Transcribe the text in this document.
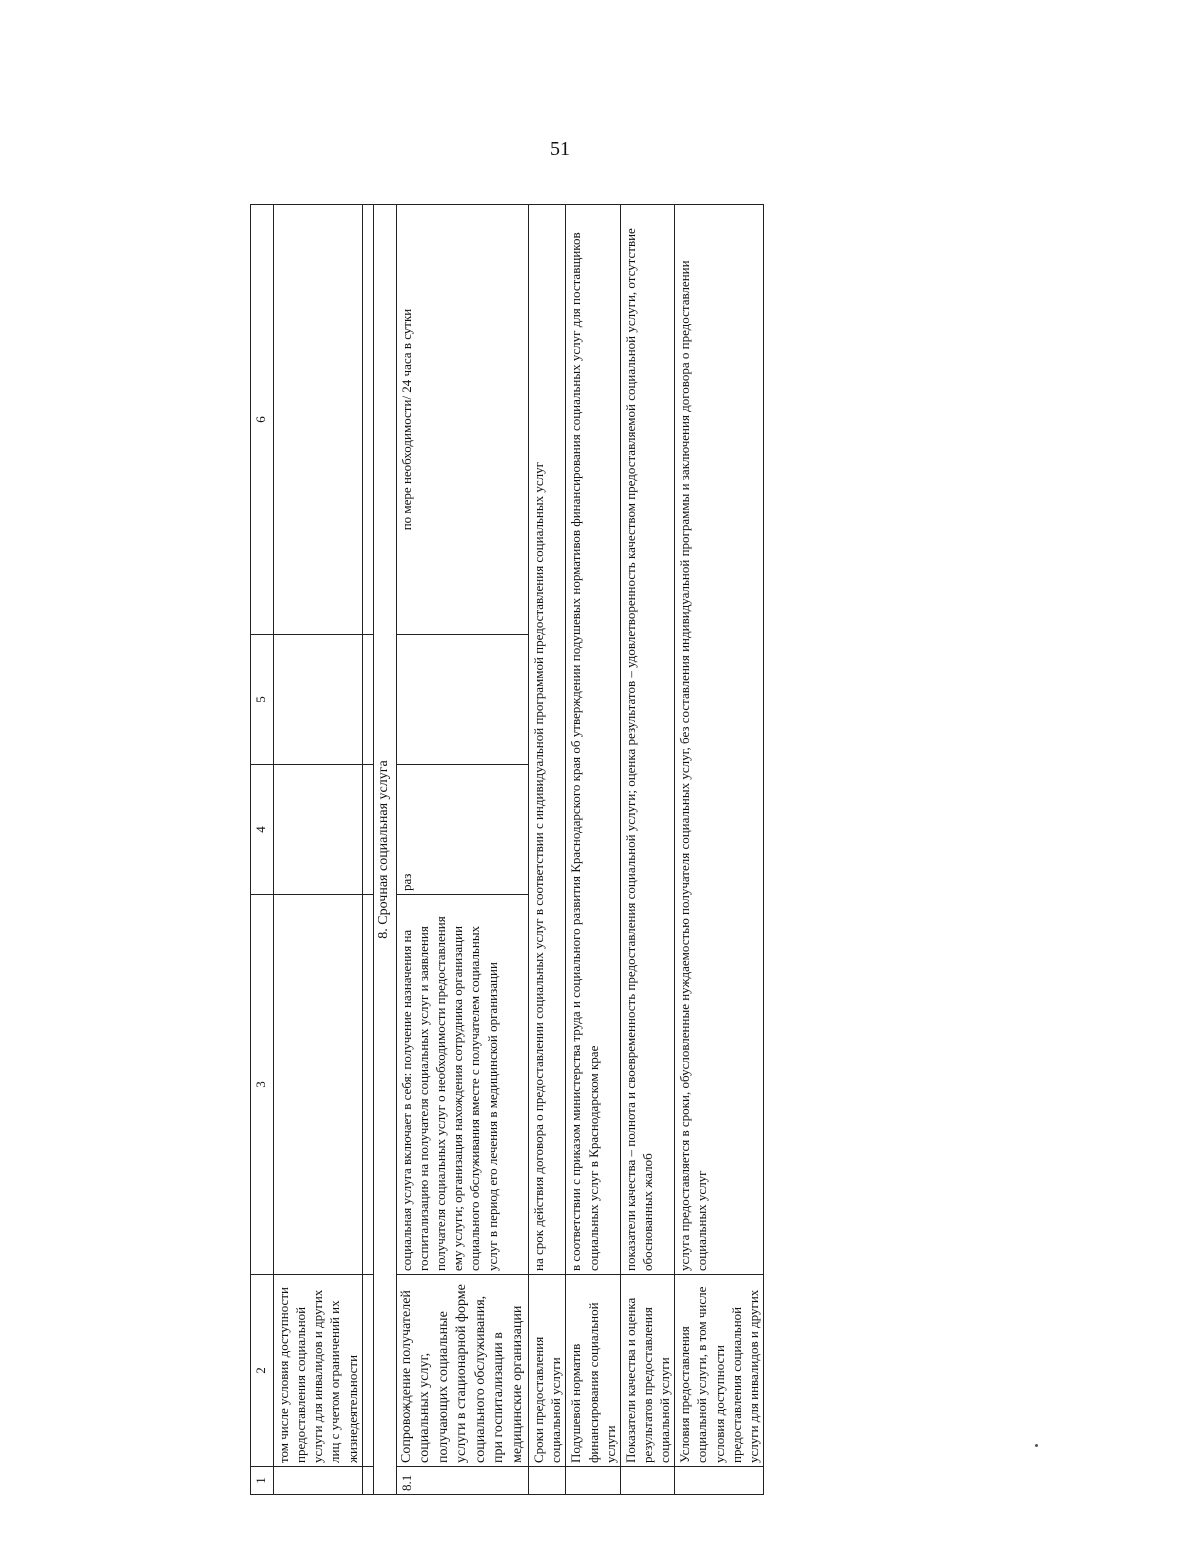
51
1	2	3	4	5	6
	том числе условия доступности предоставления социальной услуги для инвалидов и других лиц с учетом ограничений их жизнедеятельности				

8. Срочная социальная услуга					
8.1	Сопровождение получателей социальных услуг, получающих социальные услуги в стационарной форме социального обслуживания, при госпитализации в медицинские организации	социальная услуга включает в себя: получение назначения на госпитализацию на получателя социальных услуг и заявления получателя социальных услуг о необходимости предоставления ему услуги; организация нахождения сотрудника организации социального обслуживания вместе с получателем социальных услуг в период его лечения в медицинской организации	раз		по мере необходимости/ 24 часа в сутки
	Сроки предоставления социальной услуги	на срок действия договора о предоставлении социальных услуг в соответствии с индивидуальной программой предоставления социальных услуг			
	Подушевой норматив финансирования социальной услуги	в соответствии с приказом министерства труда и социального развития Краснодарского края об утверждении подушевых нормативов финансирования социальных услуг для поставщиков социальных услуг в Краснодарском крае			
	Показатели качества и оценка результатов предоставления социальной услуги	показатели качества – полнота и своевременность предоставления социальной услуги; оценка результатов – удовлетворенность качеством предоставляемой социальной услуги, отсутствие обоснованных жалоб			
	Условия предоставления социальной услуги, в том числе условия доступности предоставления социальной услуги для инвалидов и других	услуга предоставляется в сроки, обусловленные нуждаемостью получателя социальных услуг, без составления индивидуальной программы и заключения договора о предоставлении социальных услуг			
